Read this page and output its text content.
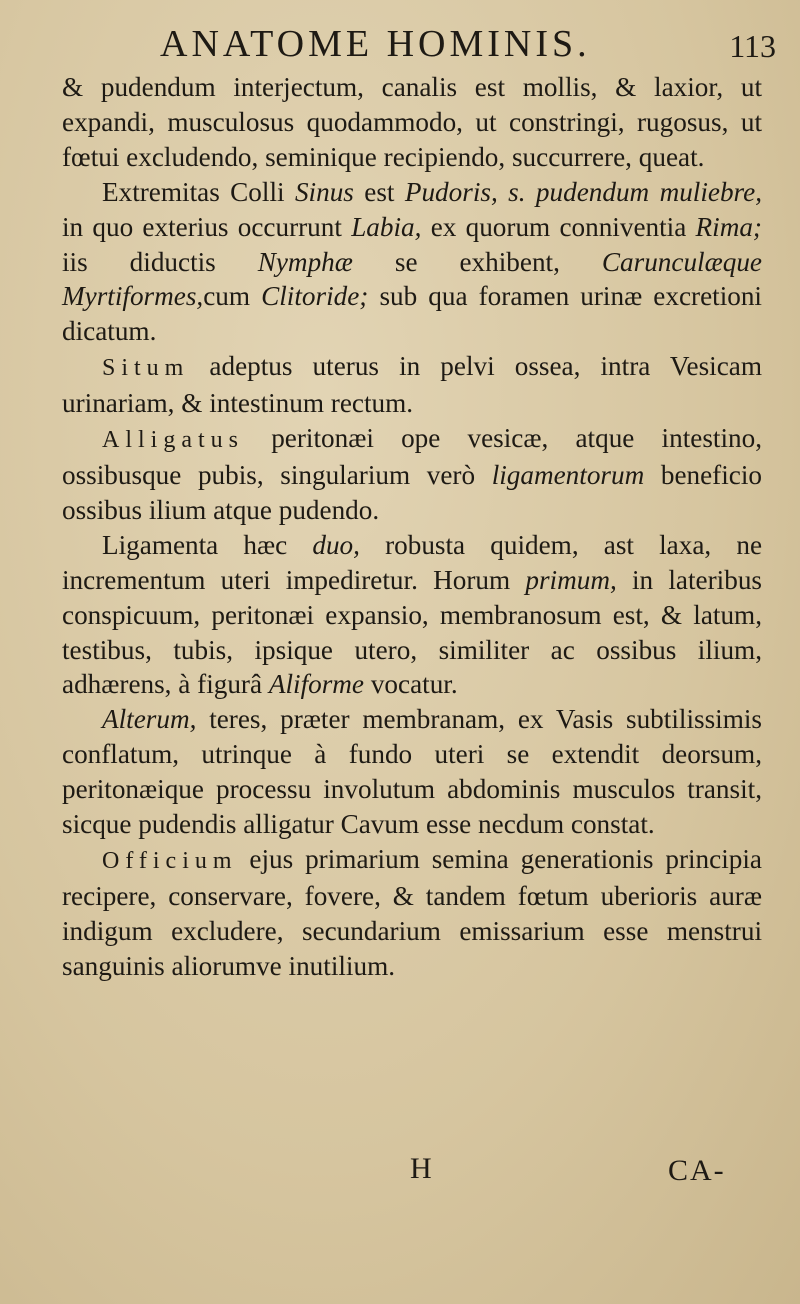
ANATOME HOMINIS.	113

& pudendum interjectum, canalis est mollis, & laxior, ut expandi, musculosus quodammodo, ut constringi, rugosus, ut fœtui excludendo, seminique recipiendo, succurrere, queat.

Extremitas Colli Sinus est Pudoris, s. pudendum muliebre, in quo exterius occurrunt Labia, ex quorum conniventia Rima; iis diductis Nymphæ se exhibent, Carunculæque Myrtiformes,cum Clitoride; sub qua foramen urinæ excretioni dicatum.

Situm adeptus uterus in pelvi ossea, intra Vesicam urinariam, & intestinum rectum.

Alligatus peritonæi ope vesicæ, atque intestino, ossibusque pubis, singularium verò ligamentorum beneficio ossibus ilium atque pudendo.

Ligamenta hæc duo, robusta quidem, ast laxa, ne incrementum uteri impediretur. Horum primum, in lateribus conspicuum, peritonæi expansio, membranosum est, & latum, testibus, tubis, ipsique utero, similiter ac ossibus ilium, adhærens, à figurâ Aliforme vocatur.

Alterum, teres, præter membranam, ex Vasis subtilissimis conflatum, utrinque à fundo uteri se extendit deorsum, peritonæique processu involutum abdominis musculos transit, sicque pudendis alligatur Cavum esse necdum constat.

Officium ejus primarium semina generationis principia recipere, conservare, fovere, & tandem fœtum uberioris auræ indigum excludere, secundarium emissarium esse menstrui sanguinis aliorumve inutilium.

H	CA-
